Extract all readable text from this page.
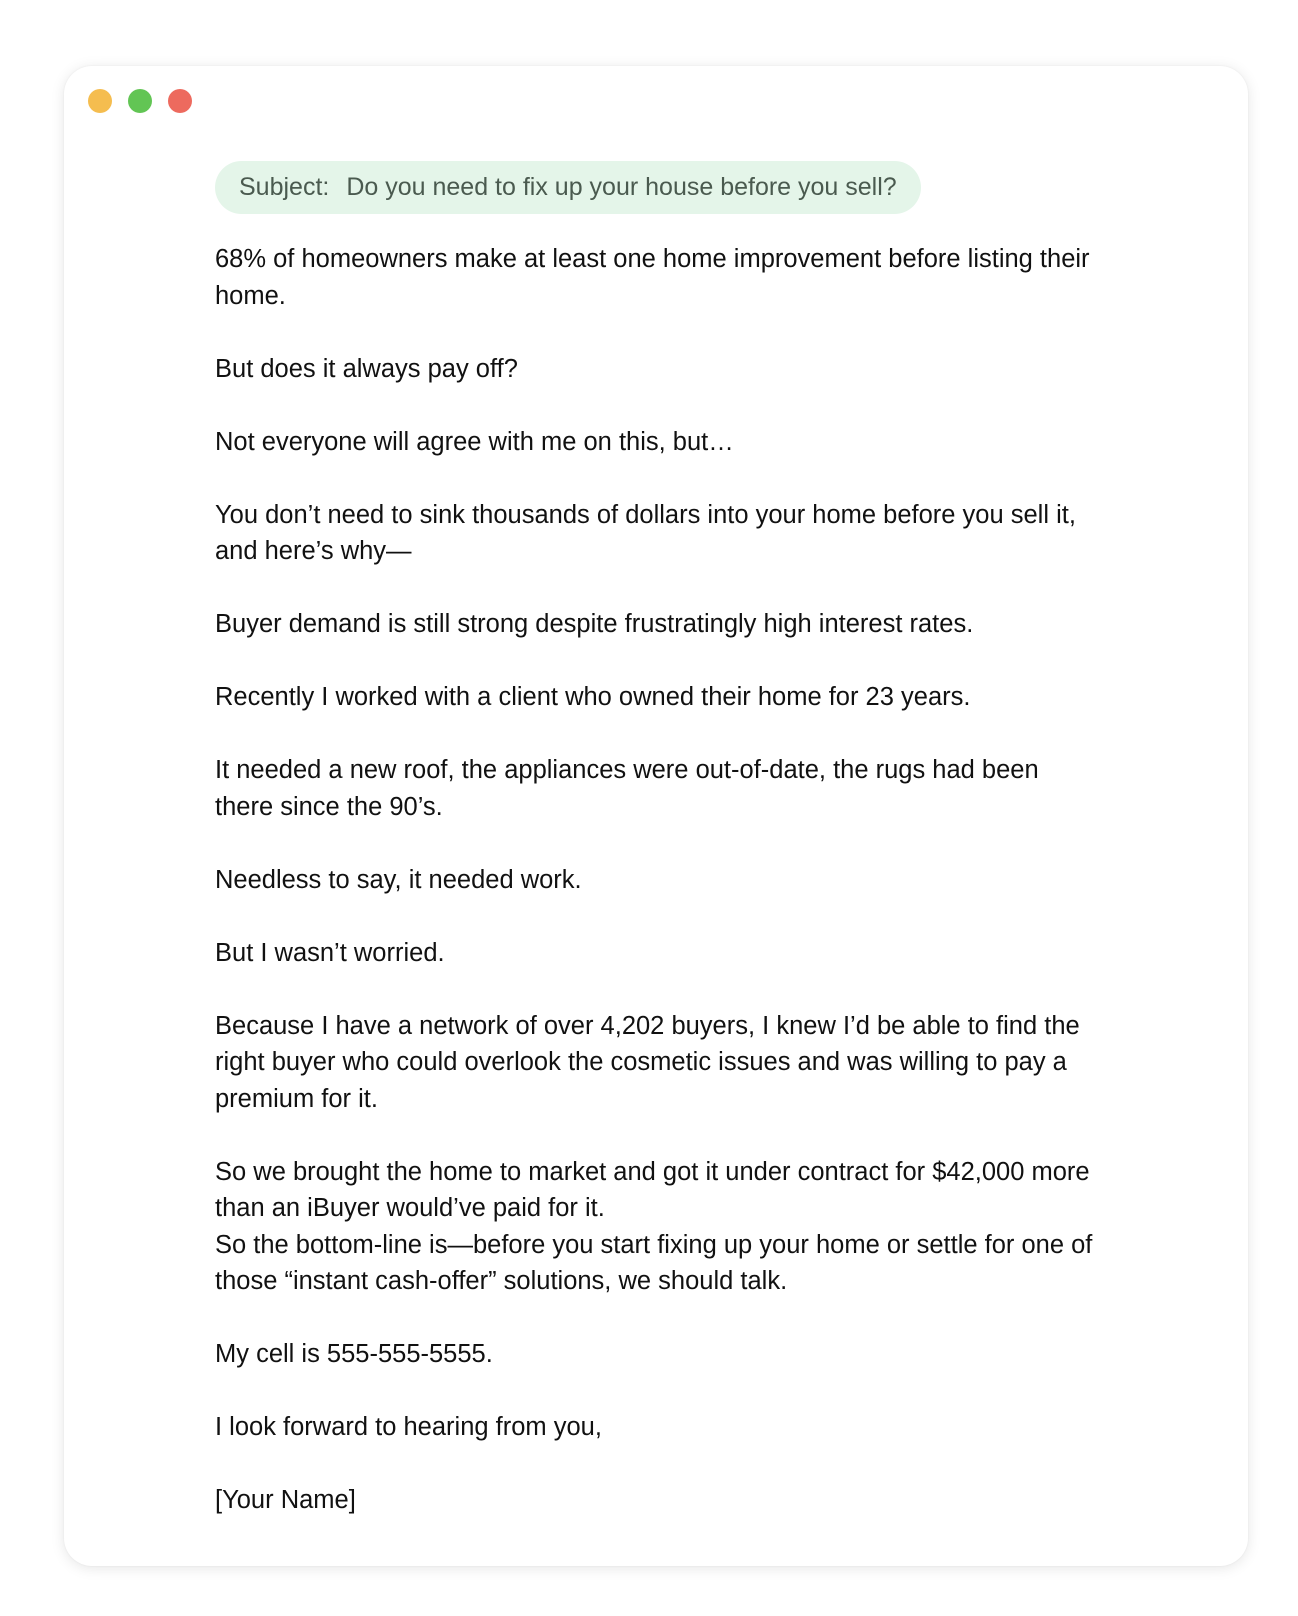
Subject: Do you need to fix up your house before you sell?

68% of homeowners make at least one home improvement before listing their home.

But does it always pay off?

Not everyone will agree with me on this, but…

You don’t need to sink thousands of dollars into your home before you sell it, and here’s why—

Buyer demand is still strong despite frustratingly high interest rates.

Recently I worked with a client who owned their home for 23 years.

It needed a new roof, the appliances were out-of-date, the rugs had been there since the 90’s.

Needless to say, it needed work.

But I wasn’t worried.

Because I have a network of over 4,202 buyers, I knew I’d be able to find the right buyer who could overlook the cosmetic issues and was willing to pay a premium for it.

So we brought the home to market and got it under contract for $42,000 more than an iBuyer would’ve paid for it.

So the bottom-line is—before you start fixing up your home or settle for one of those “instant cash-offer” solutions, we should talk.

My cell is 555-555-5555.

I look forward to hearing from you,

[Your Name]
